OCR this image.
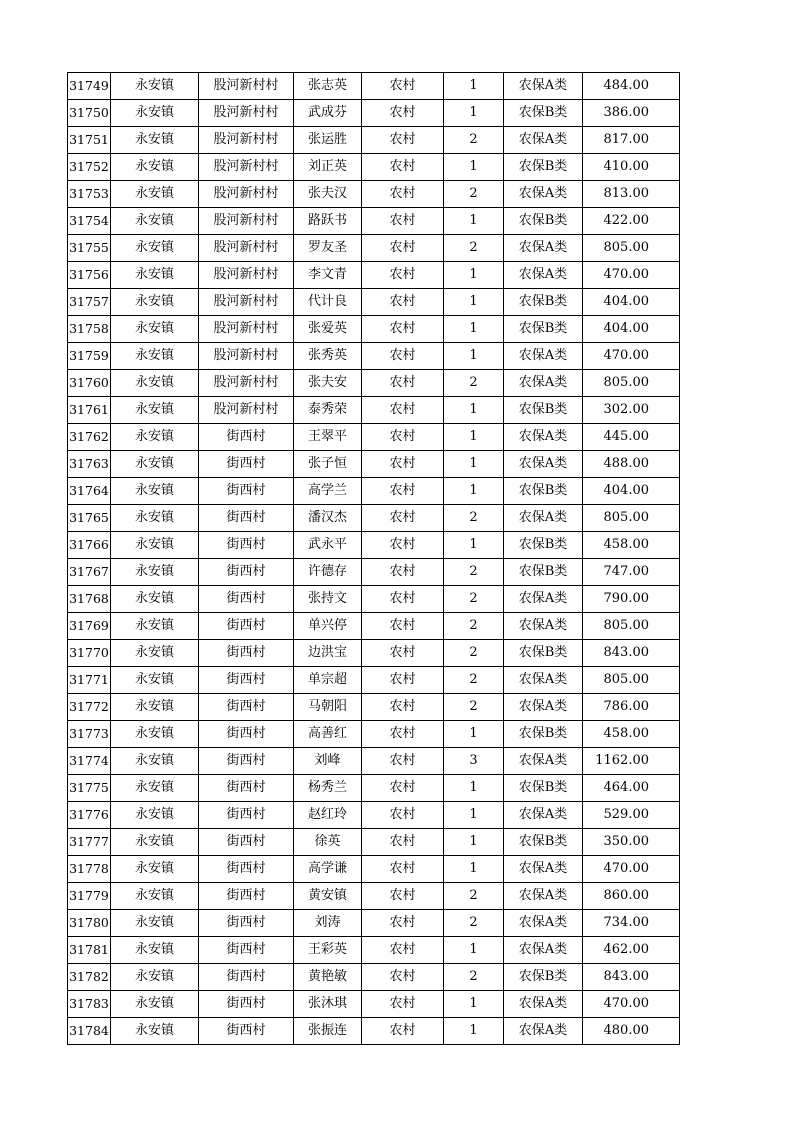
31749	永安镇	股河新村村	张志英	农村	1	农保A类	484.00
31750	永安镇	股河新村村	武成芬	农村	1	农保B类	386.00
31751	永安镇	股河新村村	张运胜	农村	2	农保A类	817.00
31752	永安镇	股河新村村	刘正英	农村	1	农保B类	410.00
31753	永安镇	股河新村村	张夫汉	农村	2	农保A类	813.00
31754	永安镇	股河新村村	路跃书	农村	1	农保B类	422.00
31755	永安镇	股河新村村	罗友圣	农村	2	农保A类	805.00
31756	永安镇	股河新村村	李文青	农村	1	农保A类	470.00
31757	永安镇	股河新村村	代计良	农村	1	农保B类	404.00
31758	永安镇	股河新村村	张爱英	农村	1	农保B类	404.00
31759	永安镇	股河新村村	张秀英	农村	1	农保A类	470.00
31760	永安镇	股河新村村	张夫安	农村	2	农保A类	805.00
31761	永安镇	股河新村村	泰秀荣	农村	1	农保B类	302.00
31762	永安镇	街西村	王翠平	农村	1	农保A类	445.00
31763	永安镇	街西村	张子恒	农村	1	农保A类	488.00
31764	永安镇	街西村	高学兰	农村	1	农保B类	404.00
31765	永安镇	街西村	潘汉杰	农村	2	农保A类	805.00
31766	永安镇	街西村	武永平	农村	1	农保B类	458.00
31767	永安镇	街西村	许德存	农村	2	农保B类	747.00
31768	永安镇	街西村	张持文	农村	2	农保A类	790.00
31769	永安镇	街西村	单兴停	农村	2	农保A类	805.00
31770	永安镇	街西村	边洪宝	农村	2	农保B类	843.00
31771	永安镇	街西村	单宗超	农村	2	农保A类	805.00
31772	永安镇	街西村	马朝阳	农村	2	农保A类	786.00
31773	永安镇	街西村	高善红	农村	1	农保B类	458.00
31774	永安镇	街西村	刘峰	农村	3	农保A类	1162.00
31775	永安镇	街西村	杨秀兰	农村	1	农保B类	464.00
31776	永安镇	街西村	赵红玲	农村	1	农保A类	529.00
31777	永安镇	街西村	徐英	农村	1	农保B类	350.00
31778	永安镇	街西村	高学谦	农村	1	农保A类	470.00
31779	永安镇	街西村	黄安镇	农村	2	农保A类	860.00
31780	永安镇	街西村	刘涛	农村	2	农保A类	734.00
31781	永安镇	街西村	王彩英	农村	1	农保A类	462.00
31782	永安镇	街西村	黄艳敏	农村	2	农保B类	843.00
31783	永安镇	街西村	张沐琪	农村	1	农保A类	470.00
31784	永安镇	街西村	张振连	农村	1	农保A类	480.00
